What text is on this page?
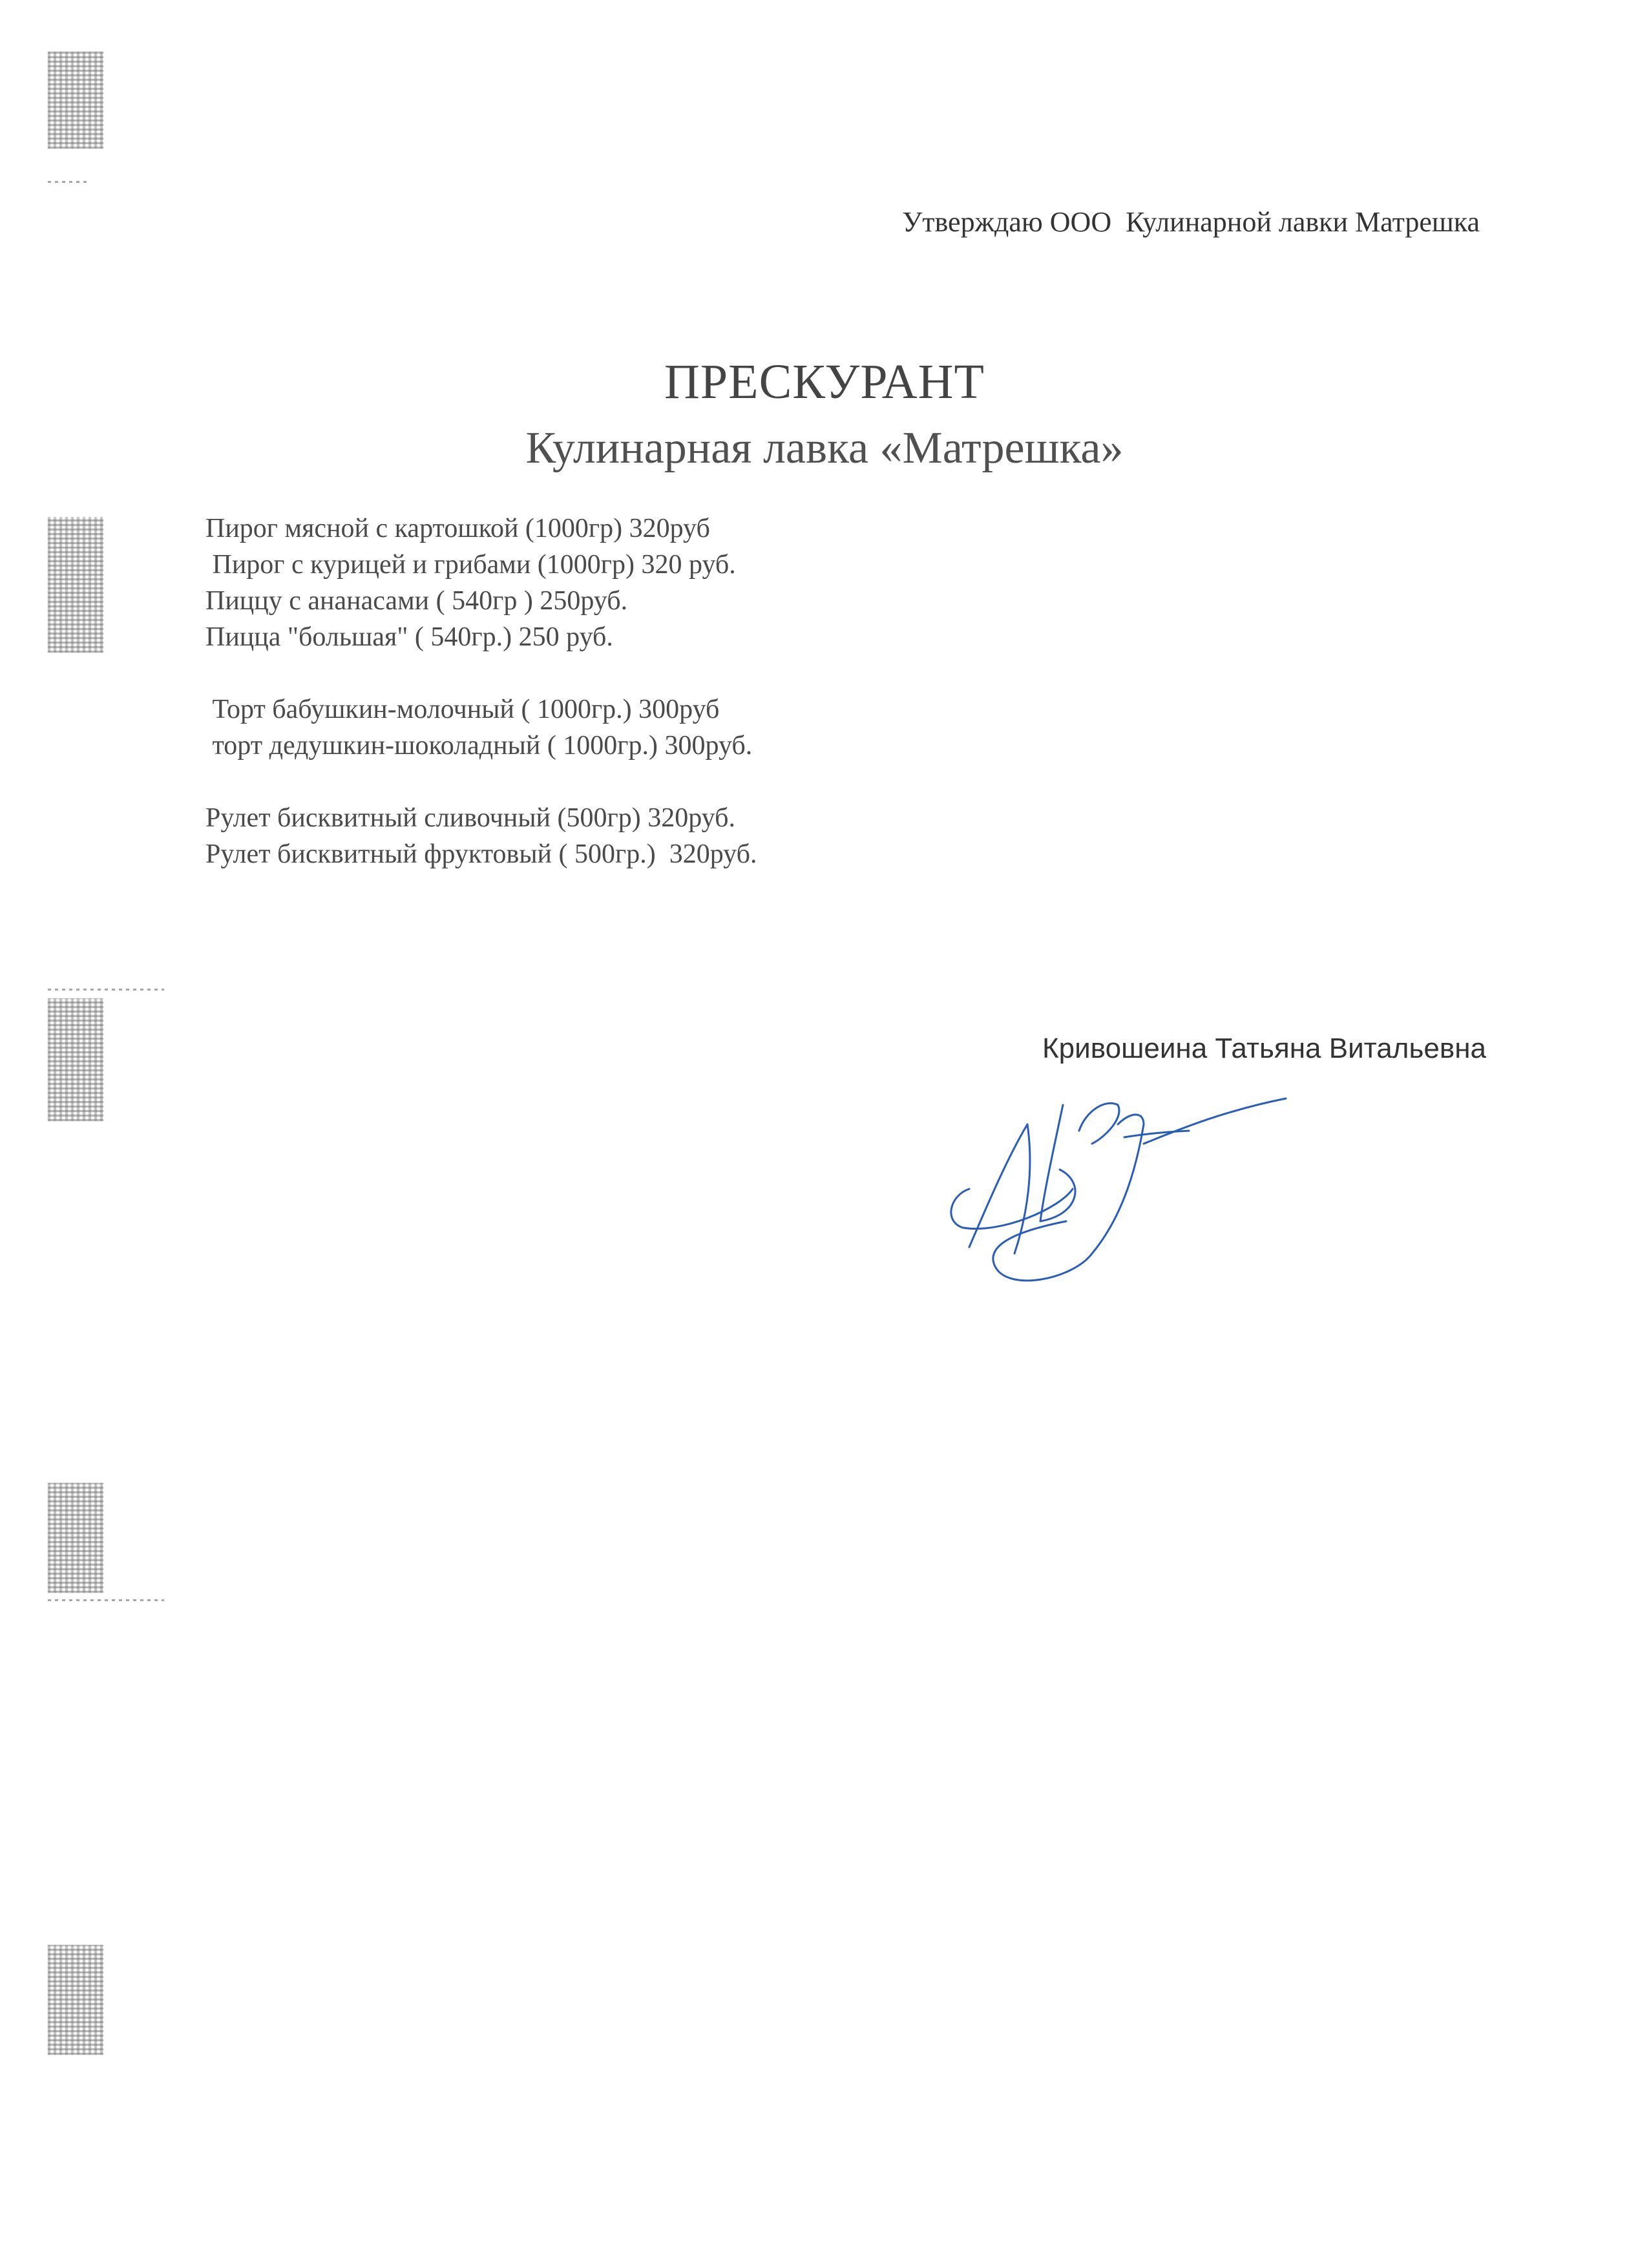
Утверждаю ООО  Кулинарной лавки Матрешка
ПРЕСКУРАНТ
Кулинарная лавка «Матрешка»
Пирог мясной с картошкой (1000гр) 320руб
Пирог с курицей и грибами (1000гр) 320 руб.
Пиццу с ананасами ( 540гр ) 250руб.
Пицца "большая" ( 540гр.) 250 руб.
Торт бабушкин-молочный ( 1000гр.) 300руб
торт дедушкин-шоколадный ( 1000гр.) 300руб.
Рулет бисквитный сливочный (500гр) 320руб.
Рулет бисквитный фруктовый ( 500гр.)  320руб.
Кривошеина Татьяна Витальевна
